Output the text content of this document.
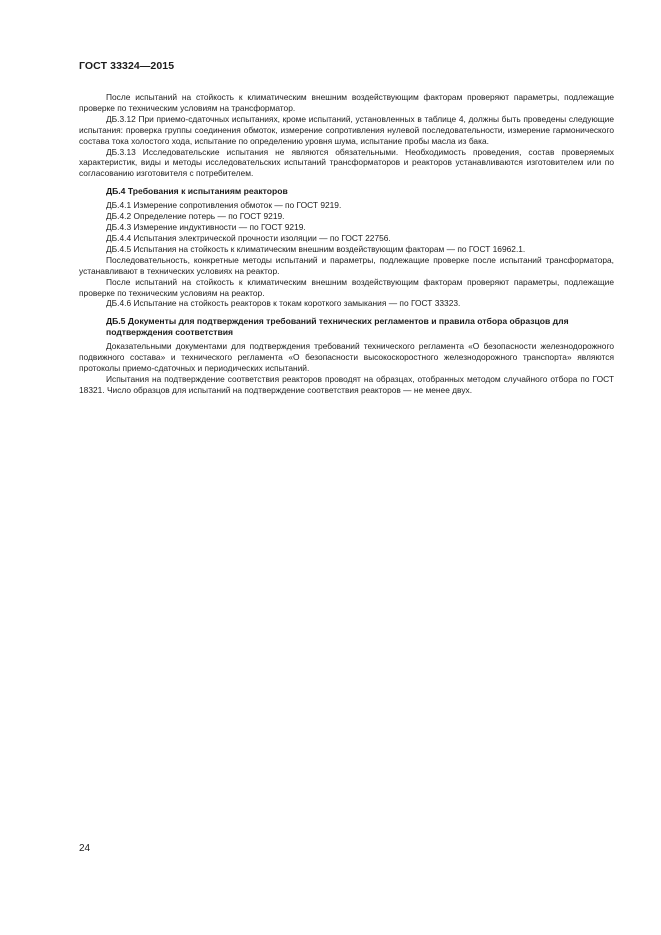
ГОСТ 33324—2015

После испытаний на стойкость к климатическим внешним воздействующим факторам проверяют параметры, подлежащие проверке по техническим условиям на трансформатор.

ДБ.3.12 При приемо-сдаточных испытаниях, кроме испытаний, установленных в таблице 4, должны быть проведены следующие испытания: проверка группы соединения обмоток, измерение сопротивления нулевой последовательности, измерение гармонического состава тока холостого хода, испытание по определению уровня шума, испытание пробы масла из бака.

ДБ.3.13 Исследовательские испытания не являются обязательными. Необходимость проведения, состав проверяемых характеристик, виды и методы исследовательских испытаний трансформаторов и реакторов устанавливаются изготовителем или по согласованию изготовителя с потребителем.

ДБ.4 Требования к испытаниям реакторов

ДБ.4.1 Измерение сопротивления обмоток — по ГОСТ 9219.

ДБ.4.2 Определение потерь — по ГОСТ 9219.

ДБ.4.3 Измерение индуктивности — по ГОСТ 9219.

ДБ.4.4 Испытания электрической прочности изоляции — по ГОСТ 22756.

ДБ.4.5 Испытания на стойкость к климатическим внешним воздействующим факторам — по ГОСТ 16962.1.

Последовательность, конкретные методы испытаний и параметры, подлежащие проверке после испытаний трансформатора, устанавливают в технических условиях на реактор.

После испытаний на стойкость к климатическим внешним воздействующим факторам проверяют параметры, подлежащие проверке по техническим условиям на реактор.

ДБ.4.6 Испытание на стойкость реакторов к токам короткого замыкания — по ГОСТ 33323.

ДБ.5 Документы для подтверждения требований технических регламентов и правила отбора образцов для подтверждения соответствия

Доказательными документами для подтверждения требований технического регламента «О безопасности железнодорожного подвижного состава» и технического регламента «О безопасности высокоскоростного железнодорожного транспорта» являются протоколы приемо-сдаточных и периодических испытаний.

Испытания на подтверждение соответствия реакторов проводят на образцах, отобранных методом случайного отбора по ГОСТ 18321. Число образцов для испытаний на подтверждение соответствия реакторов — не менее двух.

24
